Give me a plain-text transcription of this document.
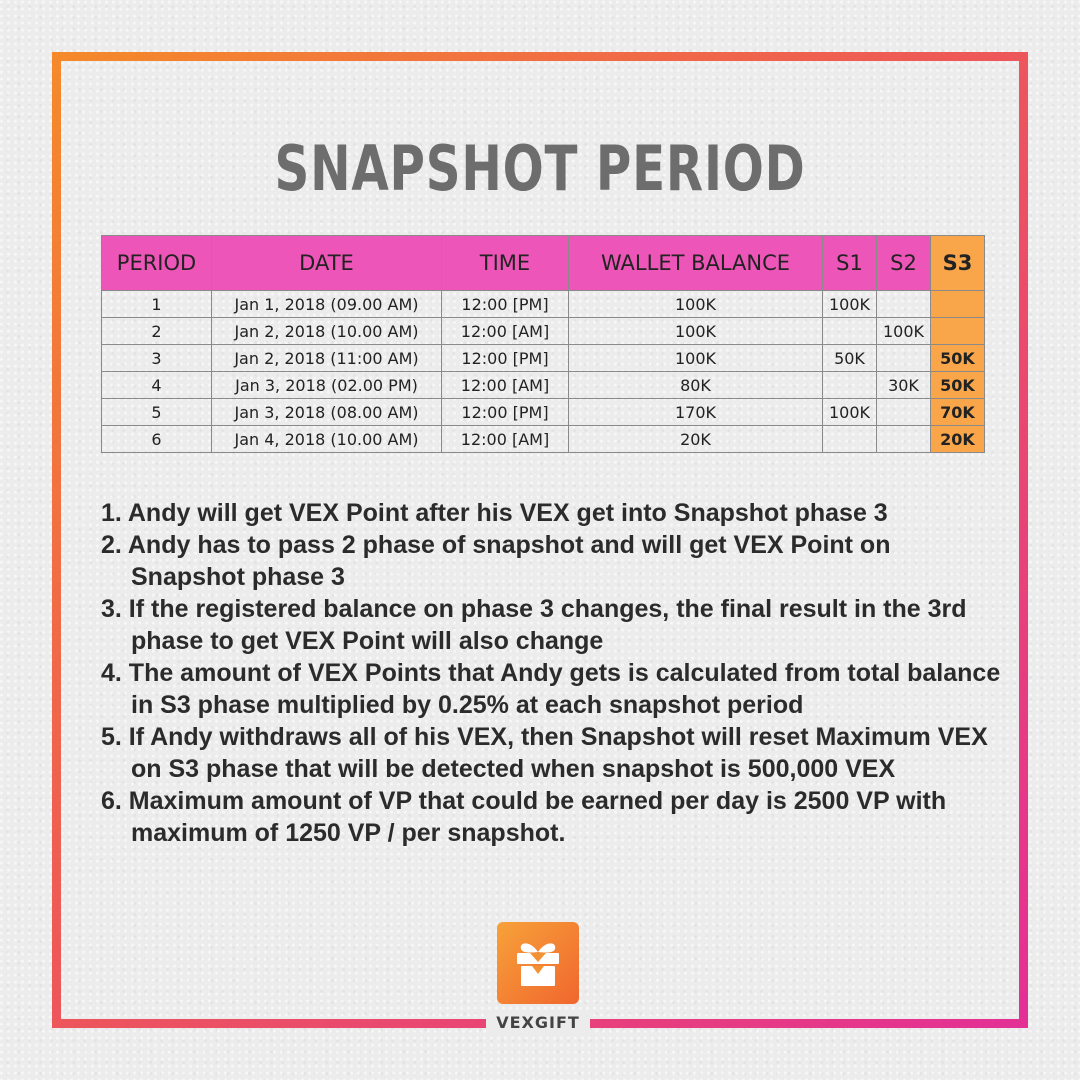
SNAPSHOT PERIOD
PERIOD	DATE	TIME	WALLET BALANCE	S1	S2	S3
1	Jan 1, 2018 (09.00 AM)	12:00 [PM]	100K	100K		
2	Jan 2, 2018 (10.00 AM)	12:00 [AM]	100K		100K	
3	Jan 2, 2018 (11:00 AM)	12:00 [PM]	100K	50K		50K
4	Jan 3, 2018 (02.00 PM)	12:00 [AM]	80K		30K	50K
5	Jan 3, 2018 (08.00 AM)	12:00 [PM]	170K	100K		70K
6	Jan 4, 2018 (10.00 AM)	12:00 [AM]	20K			20K
1. Andy will get VEX Point after his VEX get into Snapshot phase 3
2. Andy has to pass 2 phase of snapshot and will get VEX Point on Snapshot phase 3
3. If the registered balance on phase 3 changes, the final result in the 3rd phase to get VEX Point will also change
4. The amount of VEX Points that Andy gets is calculated from total balance in S3 phase multiplied by 0.25% at each snapshot period
5. If Andy withdraws all of his VEX, then Snapshot will reset Maximum VEX on S3 phase that will be detected when snapshot is 500,000 VEX
6. Maximum amount of VP that could be earned per day is 2500 VP with maximum of 1250 VP / per snapshot.
VEXGIFT
